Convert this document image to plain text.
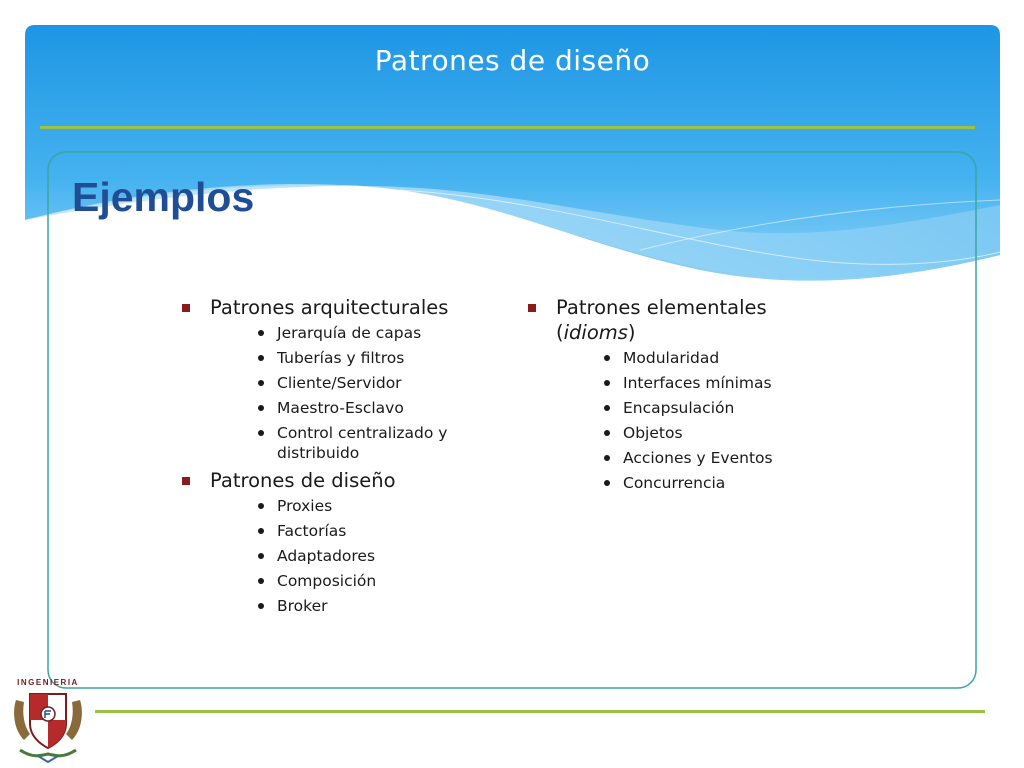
Patrones de diseño
Ejemplos
Patrones arquitecturales
Jerarquía de capas
Tuberías y filtros
Cliente/Servidor
Maestro-Esclavo
Control centralizado y distribuido
Patrones de diseño
Proxies
Factorías
Adaptadores
Composición
Broker
Patrones elementales
(idioms)
Modularidad
Interfaces mínimas
Encapsulación
Objetos
Acciones y Eventos
Concurrencia
INGENIERIA
